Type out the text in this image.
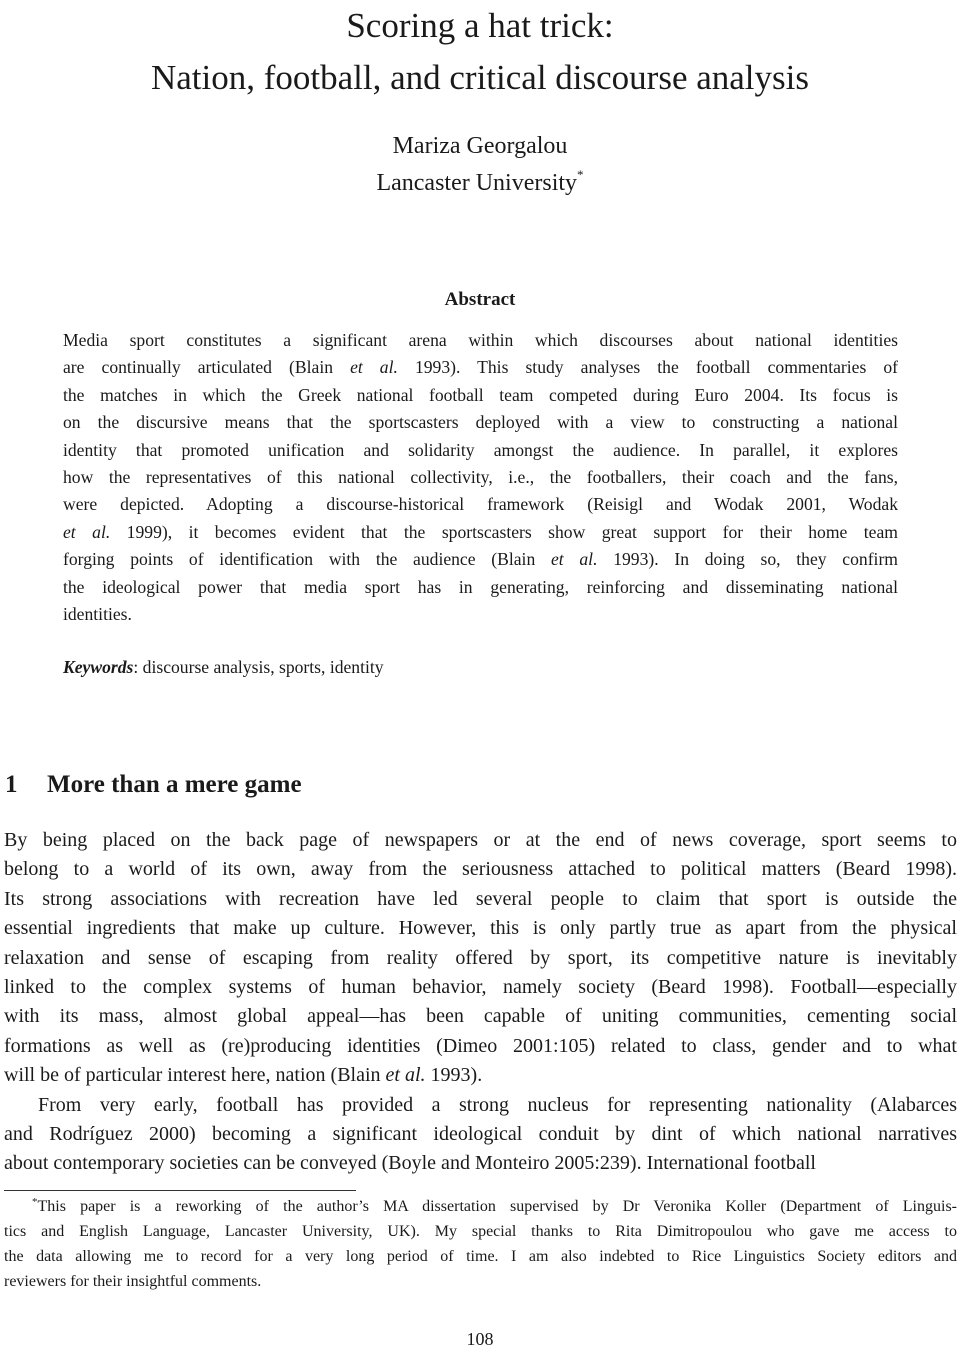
Scoring a hat trick:
Nation, football, and critical discourse analysis
Mariza Georgalou
Lancaster University*
Abstract
Media sport constitutes a significant arena within which discourses about national identities
are continually articulated (Blain et al. 1993). This study analyses the football commentaries of
the matches in which the Greek national football team competed during Euro 2004. Its focus is
on the discursive means that the sportscasters deployed with a view to constructing a national
identity that promoted unification and solidarity amongst the audience. In parallel, it explores
how the representatives of this national collectivity, i.e., the footballers, their coach and the fans,
were depicted. Adopting a discourse-historical framework (Reisigl and Wodak 2001, Wodak
et al. 1999), it becomes evident that the sportscasters show great support for their home team
forging points of identification with the audience (Blain et al. 1993). In doing so, they confirm
the ideological power that media sport has in generating, reinforcing and disseminating national
identities.
Keywords: discourse analysis, sports, identity
1 More than a mere game
By being placed on the back page of newspapers or at the end of news coverage, sport seems to
belong to a world of its own, away from the seriousness attached to political matters (Beard 1998).
Its strong associations with recreation have led several people to claim that sport is outside the
essential ingredients that make up culture. However, this is only partly true as apart from the physical
relaxation and sense of escaping from reality offered by sport, its competitive nature is inevitably
linked to the complex systems of human behavior, namely society (Beard 1998). Football—especially
with its mass, almost global appeal—has been capable of uniting communities, cementing social
formations as well as (re)producing identities (Dimeo 2001:105) related to class, gender and to what
will be of particular interest here, nation (Blain et al. 1993).
From very early, football has provided a strong nucleus for representing nationality (Alabarces
and Rodríguez 2000) becoming a significant ideological conduit by dint of which national narratives
about contemporary societies can be conveyed (Boyle and Monteiro 2005:239). International football
*This paper is a reworking of the author’s MA dissertation supervised by Dr Veronika Koller (Department of Linguis-
tics and English Language, Lancaster University, UK). My special thanks to Rita Dimitropoulou who gave me access to
the data allowing me to record for a very long period of time. I am also indebted to Rice Linguistics Society editors and
reviewers for their insightful comments.
108
